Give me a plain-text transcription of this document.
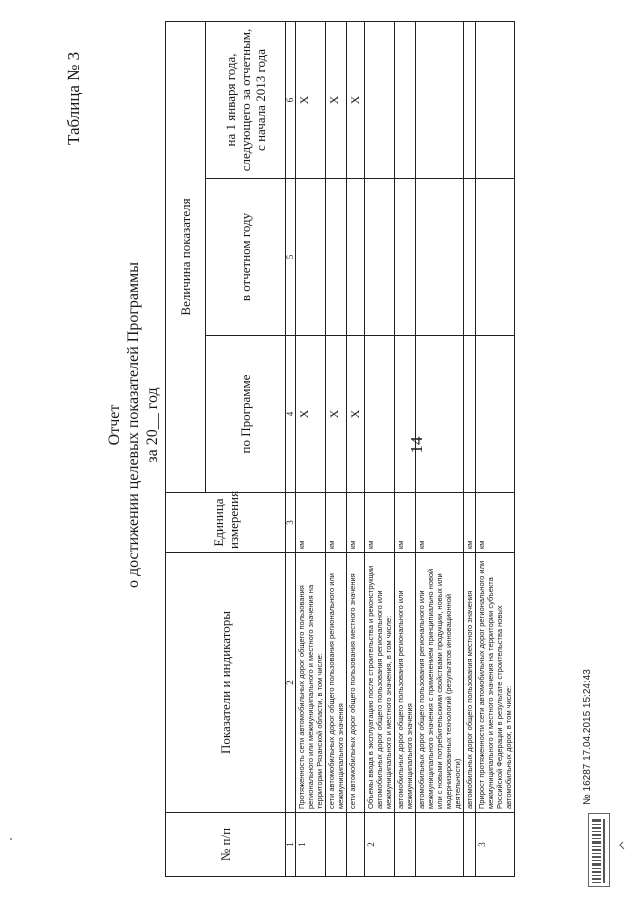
14
Таблица № 3
Отчет о достижении целевых показателей Программы за 20__ год
№ п/п	Показатели и индикаторы	Единица измерения	Величина показателя		
			по Программе	в отчетном году	на 1 января года, следующего за отчетным, с начала 2013 года
1	2	3	4	5	6
1	Протяженность сети автомобильных дорог общего пользования регионального или межмуниципального и местного значения на территории Рязанской области, в том числе:	км	X		X
	сети автомобильных дорог общего пользования регионального или межмуниципального значения	км	X		X
	сети автомобильных дорог общего пользования местного значения	км	X		X
2	Объемы ввода в эксплуатацию после строительства и реконструкции автомобильных дорог общего пользования регионального или межмуниципального и местного значения, в том числе:	км			
	автомобильных дорог общего пользования регионального или межмуниципального значения	км			
	автомобильных дорог общего пользования регионального или межмуниципального значения с применением принципиально новой или с новыми потребительскими свойствами продукции, новых или модернизированных технологий (результатов инновационной деятельности)	км			
	автомобильных дорог общего пользования местного значения	км			
3	Прирост протяженности сети автомобильных дорог регионального или межмуниципального и местного значения на территории субъекта Российской Федерации в результате строительства новых автомобильных дорог, в том числе:	км			
№ 16287 17.04.2015 15:24:43
